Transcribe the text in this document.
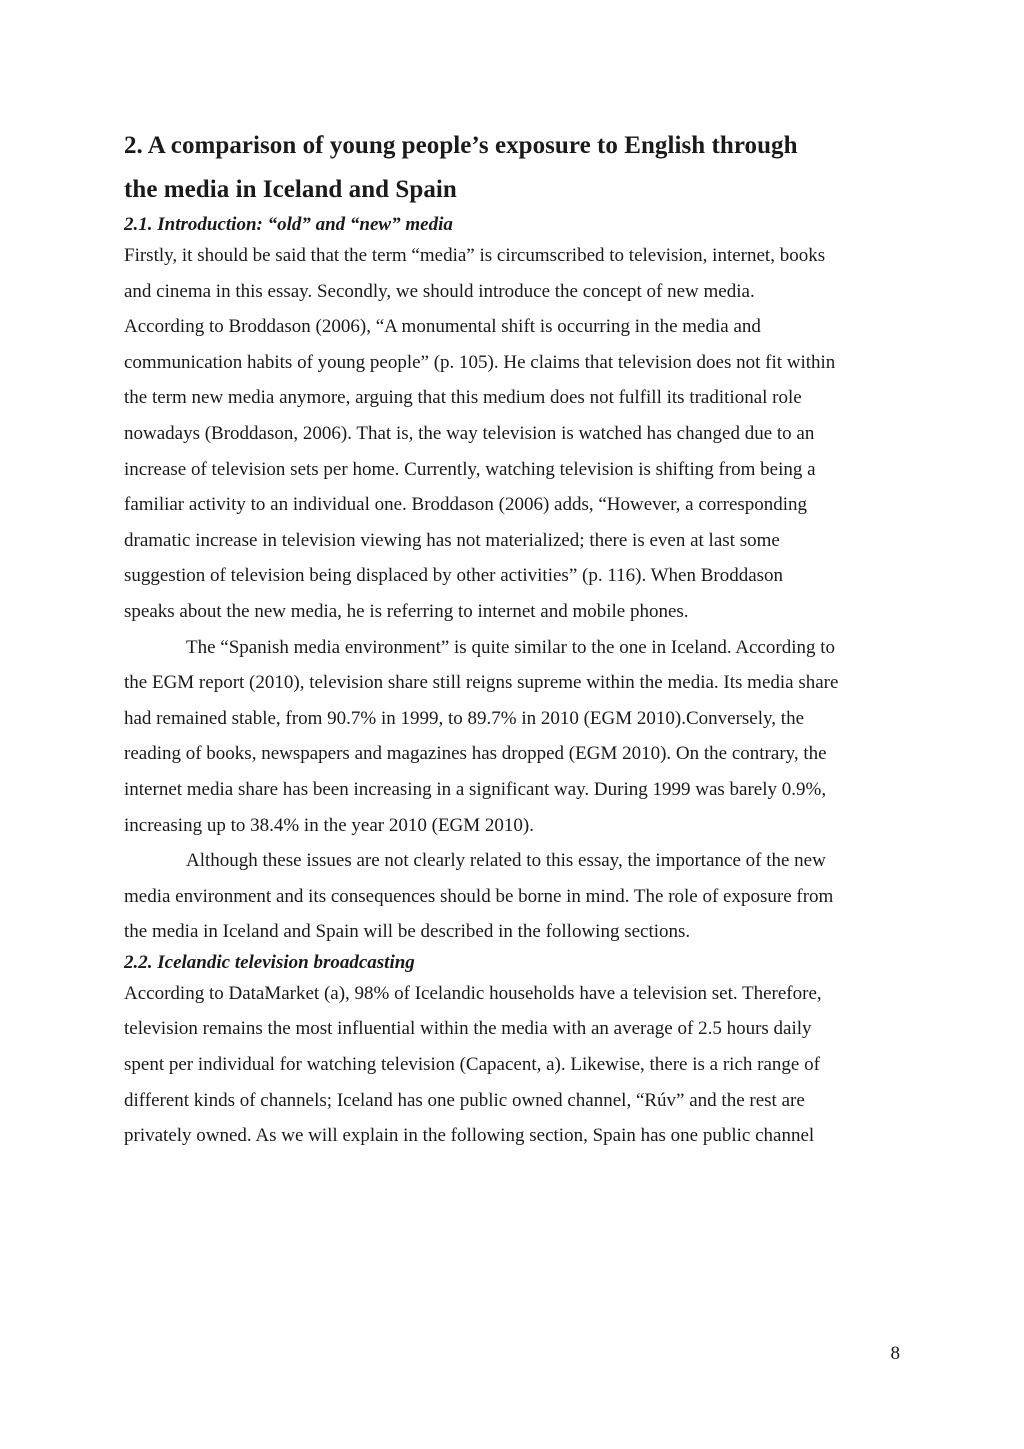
2. A comparison of young people’s exposure to English through
the media in Iceland and Spain
2.1. Introduction: “old” and “new” media

Firstly, it should be said that the term “media” is circumscribed to television, internet, books
and cinema in this essay. Secondly, we should introduce the concept of new media.
According to Broddason (2006), “A monumental shift is occurring in the media and
communication habits of young people” (p. 105). He claims that television does not fit within
the term new media anymore, arguing that this medium does not fulfill its traditional role
nowadays (Broddason, 2006). That is, the way television is watched has changed due to an
increase of television sets per home. Currently, watching television is shifting from being a
familiar activity to an individual one. Broddason (2006) adds, “However, a corresponding
dramatic increase in television viewing has not materialized; there is even at last some
suggestion of television being displaced by other activities” (p. 116). When Broddason
speaks about the new media, he is referring to internet and mobile phones.

The “Spanish media environment” is quite similar to the one in Iceland. According to
the EGM report (2010), television share still reigns supreme within the media. Its media share
had remained stable, from 90.7% in 1999, to 89.7% in 2010 (EGM 2010).Conversely, the
reading of books, newspapers and magazines has dropped (EGM 2010). On the contrary, the
internet media share has been increasing in a significant way. During 1999 was barely 0.9%,
increasing up to 38.4% in the year 2010 (EGM 2010).

Although these issues are not clearly related to this essay, the importance of the new
media environment and its consequences should be borne in mind. The role of exposure from
the media in Iceland and Spain will be described in the following sections.

2.2. Icelandic television broadcasting

According to DataMarket (a), 98% of Icelandic households have a television set. Therefore,
television remains the most influential within the media with an average of 2.5 hours daily
spent per individual for watching television (Capacent, a). Likewise, there is a rich range of
different kinds of channels; Iceland has one public owned channel, “Rúv” and the rest are
privately owned. As we will explain in the following section, Spain has one public channel

8
